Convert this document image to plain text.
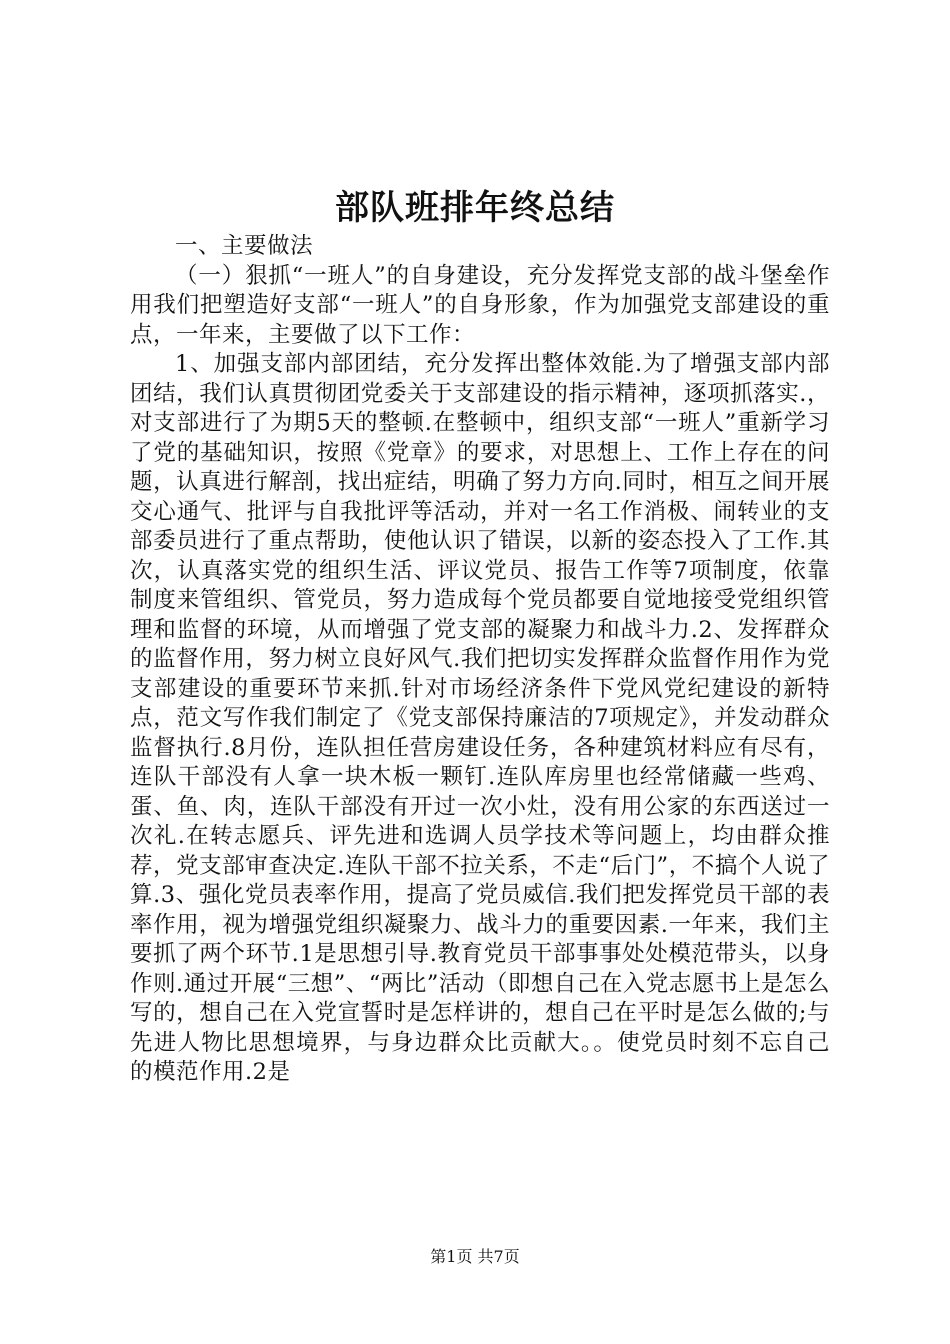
部队班排年终总结

一、主要做法

（一）狠抓“一班人”的自身建设，充分发挥党支部的战斗堡垒作用我们把塑造好支部“一班人”的自身形象，作为加强党支部建设的重点，一年来，主要做了以下工作：

1、加强支部内部团结，充分发挥出整体效能.为了增强支部内部团结，我们认真贯彻团党委关于支部建设的指示精神，逐项抓落实.，对支部进行了为期5天的整顿.在整顿中，组织支部“一班人”重新学习了党的基础知识，按照《党章》的要求，对思想上、工作上存在的问题，认真进行解剖，找出症结，明确了努力方向.同时，相互之间开展交心通气、批评与自我批评等活动，并对一名工作消极、闹转业的支部委员进行了重点帮助，使他认识了错误，以新的姿态投入了工作.其次，认真落实党的组织生活、评议党员、报告工作等7项制度，依靠制度来管组织、管党员，努力造成每个党员都要自觉地接受党组织管理和监督的环境，从而增强了党支部的凝聚力和战斗力.2、发挥群众的监督作用，努力树立良好风气.我们把切实发挥群众监督作用作为党支部建设的重要环节来抓.针对市场经济条件下党风党纪建设的新特点，范文写作我们制定了《党支部保持廉洁的7项规定》，并发动群众监督执行.8月份，连队担任营房建设任务，各种建筑材料应有尽有，连队干部没有人拿一块木板一颗钉.连队库房里也经常储藏一些鸡、蛋、鱼、肉，连队干部没有开过一次小灶，没有用公家的东西送过一次礼.在转志愿兵、评先进和选调人员学技术等问题上，均由群众推荐，党支部审查决定.连队干部不拉关系，不走“后门”，不搞个人说了算.3、强化党员表率作用，提高了党员威信.我们把发挥党员干部的表率作用，视为增强党组织凝聚力、战斗力的重要因素.一年来，我们主要抓了两个环节.1是思想引导.教育党员干部事事处处模范带头，以身作则.通过开展“三想”、“两比”活动（即想自己在入党志愿书上是怎么写的，想自己在入党宣誓时是怎样讲的，想自己在平时是怎么做的;与先进人物比思想境界，与身边群众比贡献大。。使党员时刻不忘自己的模范作用.2是

第1页 共7页
